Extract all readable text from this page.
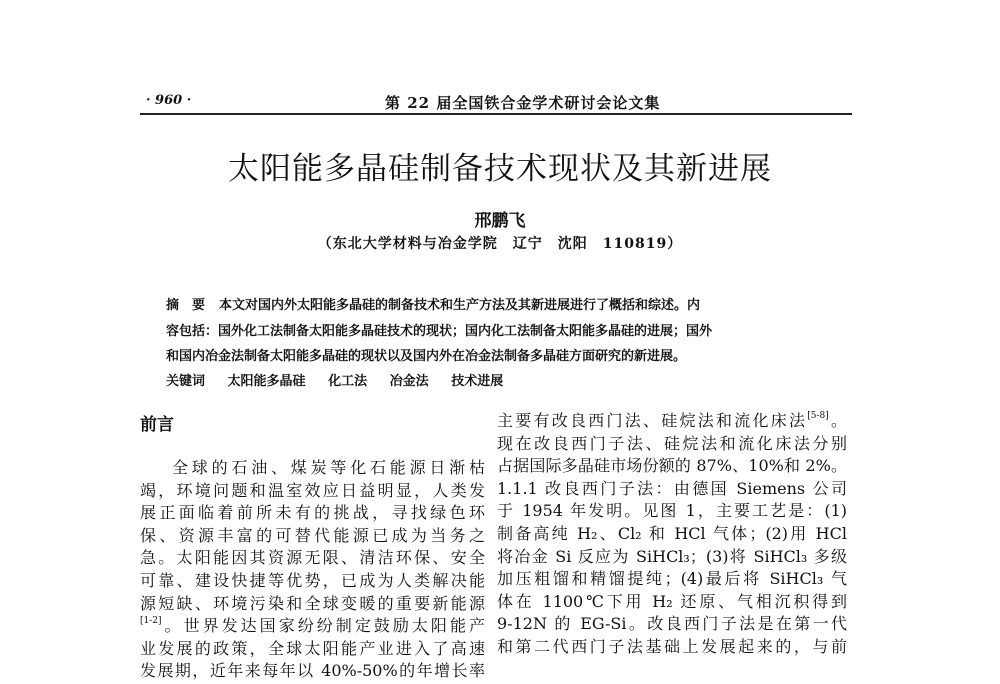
· 960 ·	第 22 届全国铁合金学术研讨会论文集
太阳能多晶硅制备技术现状及其新进展
邢鹏飞
（东北大学材料与冶金学院　辽宁　沈阳　110819）
摘　要 本文对国内外太阳能多晶硅的制备技术和生产方法及其新进展进行了概括和综述。内
容包括：国外化工法制备太阳能多晶硅技术的现状；国内化工法制备太阳能多晶硅的进展；国外
和国内冶金法制备太阳能多晶硅的现状以及国内外在冶金法制备多晶硅方面研究的新进展。
关键词 太阳能多晶硅 化工法 冶金法 技术进展
前言
全球的石油、煤炭等化石能源日渐枯
竭，环境问题和温室效应日益明显，人类发
展正面临着前所未有的挑战，寻找绿色环
保、资源丰富的可替代能源已成为当务之
急。太阳能因其资源无限、清洁环保、安全
可靠、建设快捷等优势，已成为人类解决能
源短缺、环境污染和全球变暖的重要新能源
[1-2]。世界发达国家纷纷制定鼓励太阳能产
业发展的政策，全球太阳能产业进入了高速
发展期，近年来每年以 40%-50%的年增长率
主要有改良西门法、硅烷法和流化床法[5-8]。
现在改良西门子法、硅烷法和流化床法分别
占据国际多晶硅市场份额的 87%、10%和 2%。
1.1.1 改良西门子法：由德国 Siemens 公司
于 1954 年发明。见图 1，主要工艺是：(1)
制备高纯 H₂、Cl₂ 和 HCl 气体；(2)用 HCl
将冶金 Si 反应为 SiHCl₃；(3)将 SiHCl₃ 多级
加压粗馏和精馏提纯；(4)最后将 SiHCl₃ 气
体在 1100℃下用 H₂ 还原、气相沉积得到
9-12N 的 EG-Si。改良西门子法是在第一代
和第二代西门子法基础上发展起来的，与前
